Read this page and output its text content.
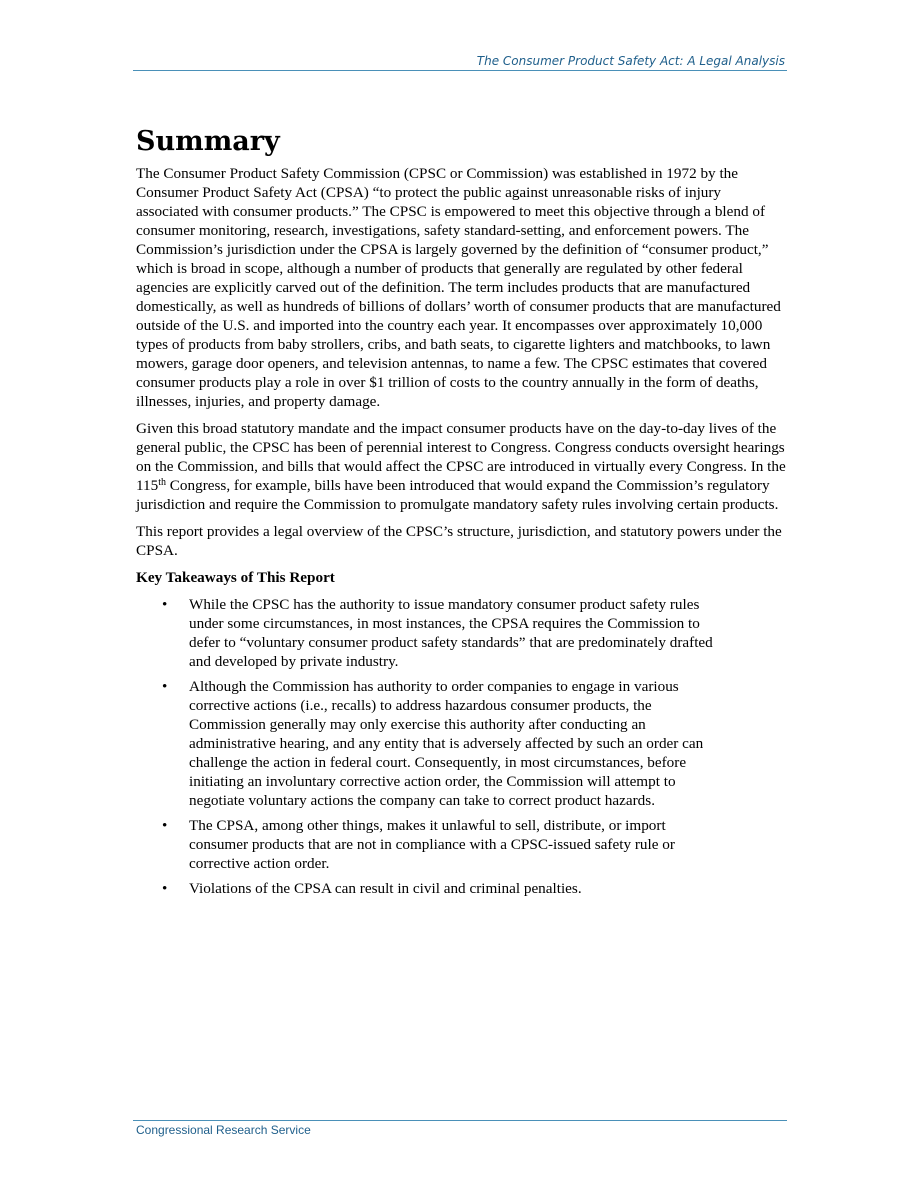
The Consumer Product Safety Act: A Legal Analysis
Summary

The Consumer Product Safety Commission (CPSC or Commission) was established in 1972 by the Consumer Product Safety Act (CPSA) “to protect the public against unreasonable risks of injury associated with consumer products.” The CPSC is empowered to meet this objective through a blend of consumer monitoring, research, investigations, safety standard-setting, and enforcement powers. The Commission’s jurisdiction under the CPSA is largely governed by the definition of “consumer product,” which is broad in scope, although a number of products that generally are regulated by other federal agencies are explicitly carved out of the definition. The term includes products that are manufactured domestically, as well as hundreds of billions of dollars’ worth of consumer products that are manufactured outside of the U.S. and imported into the country each year. It encompasses over approximately 10,000 types of products from baby strollers, cribs, and bath seats, to cigarette lighters and matchbooks, to lawn mowers, garage door openers, and television antennas, to name a few. The CPSC estimates that covered consumer products play a role in over $1 trillion of costs to the country annually in the form of deaths, illnesses, injuries, and property damage.

Given this broad statutory mandate and the impact consumer products have on the day-to-day lives of the general public, the CPSC has been of perennial interest to Congress. Congress conducts oversight hearings on the Commission, and bills that would affect the CPSC are introduced in virtually every Congress. In the 115th Congress, for example, bills have been introduced that would expand the Commission’s regulatory jurisdiction and require the Commission to promulgate mandatory safety rules involving certain products.

This report provides a legal overview of the CPSC’s structure, jurisdiction, and statutory powers under the CPSA.

Key Takeaways of This Report
• While the CPSC has the authority to issue mandatory consumer product safety rules under some circumstances, in most instances, the CPSA requires the Commission to defer to “voluntary consumer product safety standards” that are predominately drafted and developed by private industry.
• Although the Commission has authority to order companies to engage in various corrective actions (i.e., recalls) to address hazardous consumer products, the Commission generally may only exercise this authority after conducting an administrative hearing, and any entity that is adversely affected by such an order can challenge the action in federal court. Consequently, in most circumstances, before initiating an involuntary corrective action order, the Commission will attempt to negotiate voluntary actions the company can take to correct product hazards.
• The CPSA, among other things, makes it unlawful to sell, distribute, or import consumer products that are not in compliance with a CPSC-issued safety rule or corrective action order.
• Violations of the CPSA can result in civil and criminal penalties.
Congressional Research Service
